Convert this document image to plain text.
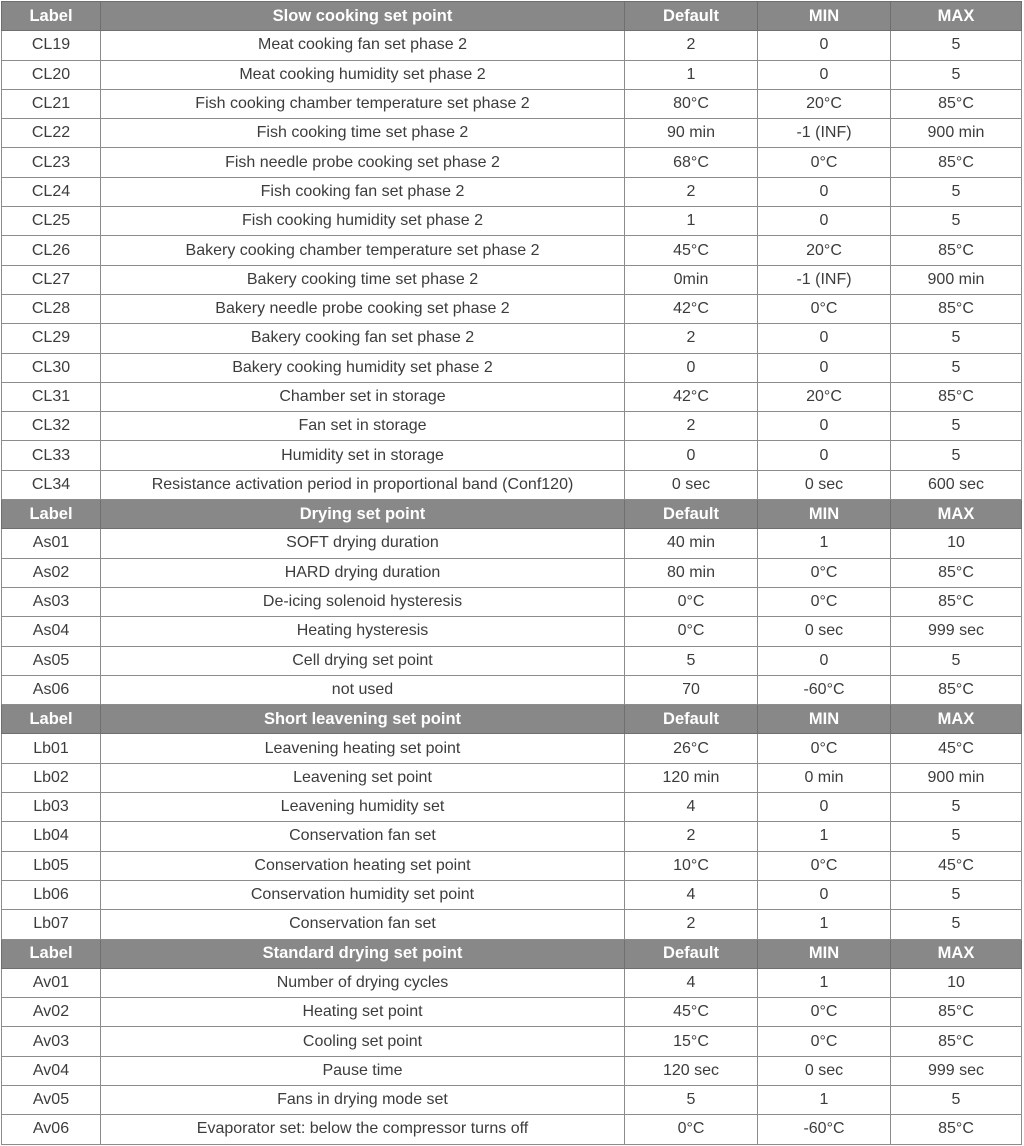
Label	Slow cooking set point	Default	MIN	MAX
CL19	Meat cooking fan set phase 2	2	0	5
CL20	Meat cooking humidity set phase 2	1	0	5
CL21	Fish cooking chamber temperature set phase 2	80°C	20°C	85°C
CL22	Fish cooking time set phase 2	90 min	-1 (INF)	900 min
CL23	Fish needle probe cooking set phase 2	68°C	0°C	85°C
CL24	Fish cooking fan set phase 2	2	0	5
CL25	Fish cooking humidity set phase 2	1	0	5
CL26	Bakery cooking chamber temperature set phase 2	45°C	20°C	85°C
CL27	Bakery cooking time set phase 2	0min	-1 (INF)	900 min
CL28	Bakery needle probe cooking set phase 2	42°C	0°C	85°C
CL29	Bakery cooking fan set phase 2	2	0	5
CL30	Bakery cooking humidity set phase 2	0	0	5
CL31	Chamber set in storage	42°C	20°C	85°C
CL32	Fan set in storage	2	0	5
CL33	Humidity set in storage	0	0	5
CL34	Resistance activation period in proportional band (Conf120)	0 sec	0 sec	600 sec
Label	Drying set point	Default	MIN	MAX
As01	SOFT drying duration	40 min	1	10
As02	HARD drying duration	80 min	0°C	85°C
As03	De-icing solenoid hysteresis	0°C	0°C	85°C
As04	Heating hysteresis	0°C	0 sec	999 sec
As05	Cell drying set point	5	0	5
As06	not used	70	-60°C	85°C
Label	Short leavening set point	Default	MIN	MAX
Lb01	Leavening heating set point	26°C	0°C	45°C
Lb02	Leavening set point	120 min	0 min	900 min
Lb03	Leavening humidity set	4	0	5
Lb04	Conservation fan set	2	1	5
Lb05	Conservation heating set point	10°C	0°C	45°C
Lb06	Conservation humidity set point	4	0	5
Lb07	Conservation fan set	2	1	5
Label	Standard drying set point	Default	MIN	MAX
Av01	Number of drying cycles	4	1	10
Av02	Heating set point	45°C	0°C	85°C
Av03	Cooling set point	15°C	0°C	85°C
Av04	Pause time	120 sec	0 sec	999 sec
Av05	Fans in drying mode set	5	1	5
Av06	Evaporator set: below the compressor turns off	0°C	-60°C	85°C
